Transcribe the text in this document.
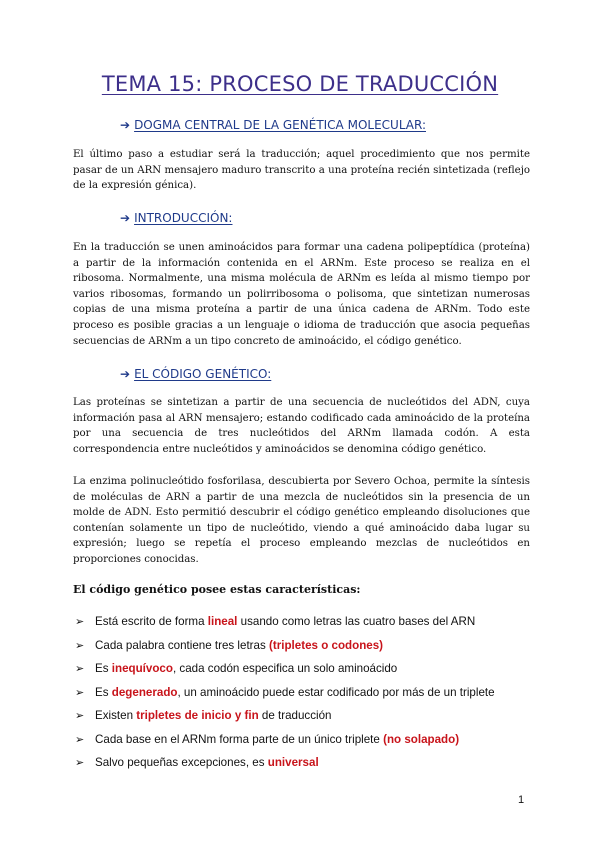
TEMA 15: PROCESO DE TRADUCCIÓN
➔ DOGMA CENTRAL DE LA GENÉTICA MOLECULAR:

El último paso a estudiar será la traducción; aquel procedimiento que nos permite pasar de un ARN mensajero maduro transcrito a una proteína recién sintetizada (reflejo de la expresión génica).

➔ INTRODUCCIÓN:

En la traducción se unen aminoácidos para formar una cadena polipeptídica (proteína) a partir de la información contenida en el ARNm. Este proceso se realiza en el ribosoma. Normalmente, una misma molécula de ARNm es leída al mismo tiempo por varios ribosomas, formando un polirribosoma o polisoma, que sintetizan numerosas copias de una misma proteína a partir de una única cadena de ARNm. Todo este proceso es posible gracias a un lenguaje o idioma de traducción que asocia pequeñas secuencias de ARNm a un tipo concreto de aminoácido, el código genético.

➔ EL CÓDIGO GENÉTICO:

Las proteínas se sintetizan a partir de una secuencia de nucleótidos del ADN, cuya información pasa al ARN mensajero; estando codificado cada aminoácido de la proteína por una secuencia de tres nucleótidos del ARNm llamada codón. A esta correspondencia entre nucleótidos y aminoácidos se denomina código genético.

La enzima polinucleótido fosforilasa, descubierta por Severo Ochoa, permite la síntesis de moléculas de ARN a partir de una mezcla de nucleótidos sin la presencia de un molde de ADN. Esto permitió descubrir el código genético empleando disoluciones que contenían solamente un tipo de nucleótido, viendo a qué aminoácido daba lugar su expresión; luego se repetía el proceso empleando mezclas de nucleótidos en proporciones conocidas.

El código genético posee estas características:
➢ Está escrito de forma lineal usando como letras las cuatro bases del ARN
➢ Cada palabra contiene tres letras (tripletes o codones)
➢ Es inequívoco, cada codón especifica un solo aminoácido
➢ Es degenerado, un aminoácido puede estar codificado por más de un triplete
➢ Existen tripletes de inicio y fin de traducción
➢ Cada base en el ARNm forma parte de un único triplete (no solapado)
➢ Salvo pequeñas excepciones, es universal
1
